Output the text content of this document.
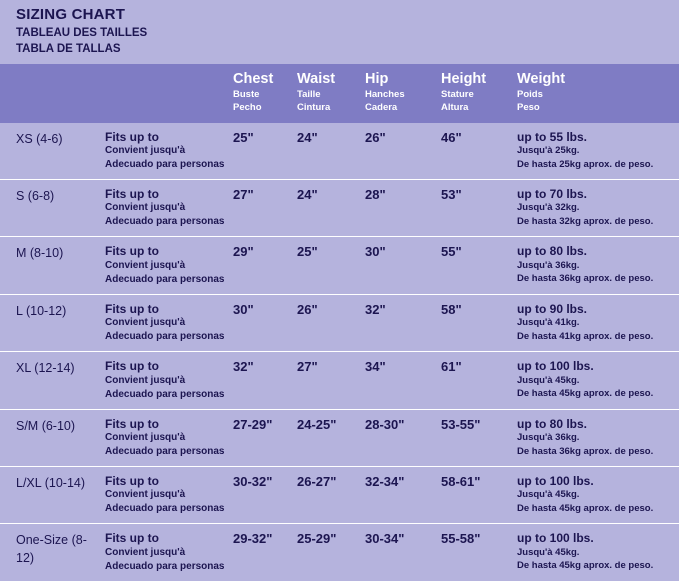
SIZING CHART
TABLEAU DES TAILLES
TABLA DE TALLAS

		Chest
Buste
Pecho	Waist
Taille
Cintura	Hip
Hanches
Cadera	Height
Stature
Altura	Weight
Poids
Peso

XS (4-6)	Fits up to
Convient jusqu'à
Adecuado para personas	25"	24"	26"	46"	up to 55 lbs.
Jusqu'à 25kg.
De hasta 25kg aprox. de peso.

S (6-8)	Fits up to
Convient jusqu'à
Adecuado para personas	27"	24"	28"	53"	up to 70 lbs.
Jusqu'à 32kg.
De hasta 32kg aprox. de peso.

M (8-10)	Fits up to
Convient jusqu'à
Adecuado para personas	29"	25"	30"	55"	up to 80 lbs.
Jusqu'à 36kg.
De hasta 36kg aprox. de peso.

L (10-12)	Fits up to
Convient jusqu'à
Adecuado para personas	30"	26"	32"	58"	up to 90 lbs.
Jusqu'à 41kg.
De hasta 41kg aprox. de peso.

XL (12-14)	Fits up to
Convient jusqu'à
Adecuado para personas	32"	27"	34"	61"	up to 100 lbs.
Jusqu'à 45kg.
De hasta 45kg aprox. de peso.

S/M (6-10)	Fits up to
Convient jusqu'à
Adecuado para personas	27-29"	24-25"	28-30"	53-55"	up to 80 lbs.
Jusqu'à 36kg.
De hasta 36kg aprox. de peso.

L/XL (10-14)	Fits up to
Convient jusqu'à
Adecuado para personas	30-32"	26-27"	32-34"	58-61"	up to 100 lbs.
Jusqu'à 45kg.
De hasta 45kg aprox. de peso.

One-Size (8-12)	Fits up to
Convient jusqu'à
Adecuado para personas	29-32"	25-29"	30-34"	55-58"	up to 100 lbs.
Jusqu'à 45kg.
De hasta 45kg aprox. de peso.
